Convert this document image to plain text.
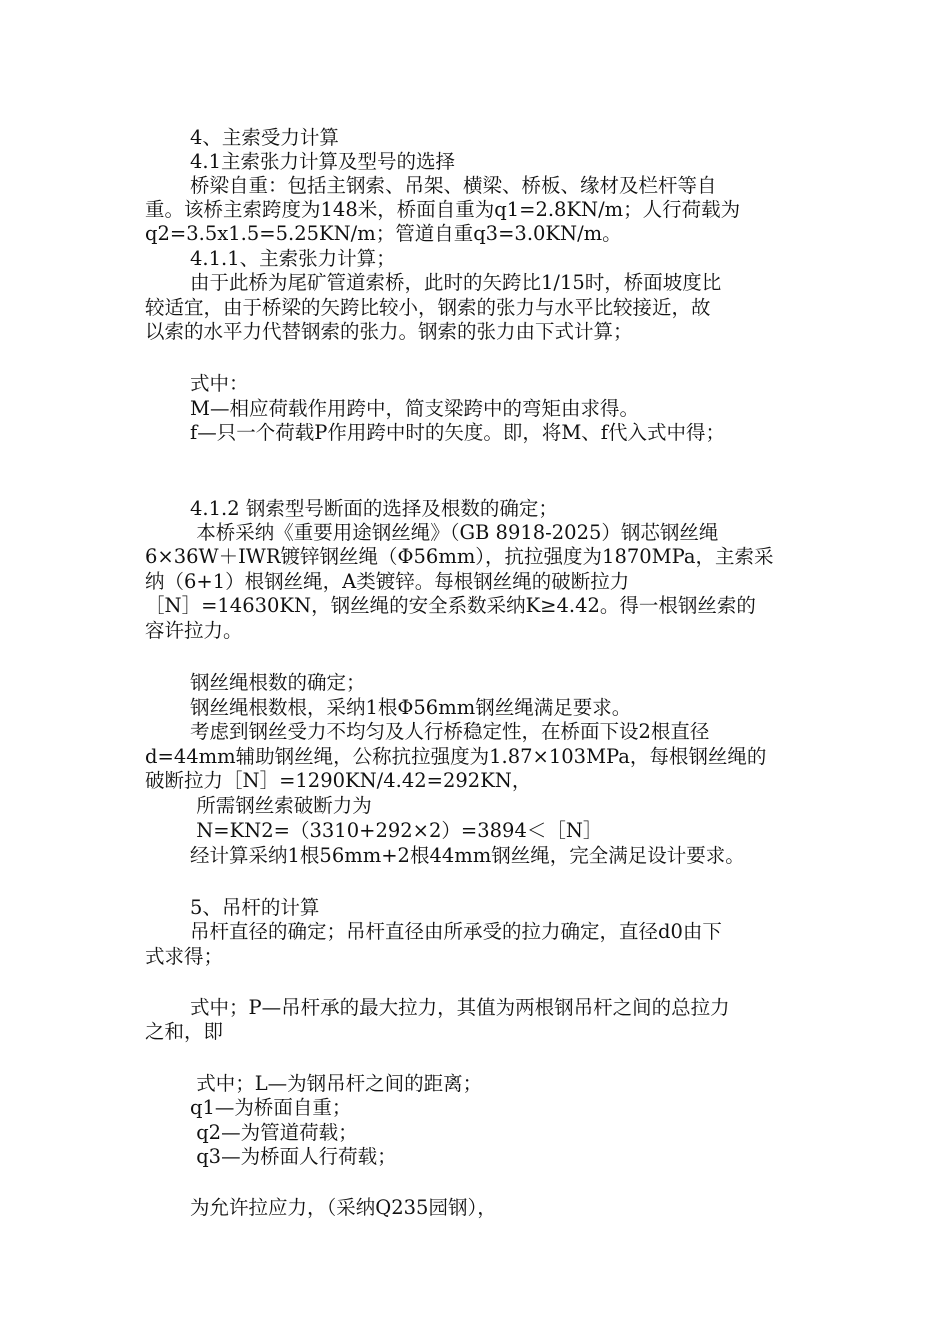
4、主索受力计算
4.1主索张力计算及型号的选择
桥梁自重：包括主钢索、吊架、横梁、桥板、缘材及栏杆等自
重。该桥主索跨度为148米，桥面自重为q1=2.8KN/m；人行荷载为
q2=3.5x1.5=5.25KN/m；管道自重q3=3.0KN/m。
4.1.1、主索张力计算；
由于此桥为尾矿管道索桥，此时的矢跨比1/15时，桥面坡度比
较适宜，由于桥梁的矢跨比较小，钢索的张力与水平比较接近，故
以索的水平力代替钢索的张力。钢索的张力由下式计算；
式中：
M—相应荷载作用跨中，简支梁跨中的弯矩由求得。
f—只一个荷载P作用跨中时的矢度。即，将M、f代入式中得；
4.1.2 钢索型号断面的选择及根数的确定；
本桥采纳《重要用途钢丝绳》（GB 8918-2025）钢芯钢丝绳
6×36W＋IWR镀锌钢丝绳（Φ56mm），抗拉强度为1870MPa，主索采
纳（6+1）根钢丝绳，A类镀锌。每根钢丝绳的破断拉力
［N］=14630KN，钢丝绳的安全系数采纳K≥4.42。得一根钢丝索的
容许拉力。
钢丝绳根数的确定；
钢丝绳根数根，采纳1根Φ56mm钢丝绳满足要求。
考虑到钢丝受力不均匀及人行桥稳定性，在桥面下设2根直径
d=44mm辅助钢丝绳，公称抗拉强度为1.87×103MPa，每根钢丝绳的
破断拉力［N］=1290KN/4.42=292KN，
所需钢丝索破断力为
N=KN2=（3310+292×2）=3894＜［N］
经计算采纳1根56mm+2根44mm钢丝绳，完全满足设计要求。
5、吊杆的计算
吊杆直径的确定；吊杆直径由所承受的拉力确定，直径d0由下
式求得；
式中；P—吊杆承的最大拉力，其值为两根钢吊杆之间的总拉力
之和，即
式中；L—为钢吊杆之间的距离；
q1—为桥面自重；
q2—为管道荷载；
q3—为桥面人行荷载；
为允许拉应力，（采纳Q235园钢），
